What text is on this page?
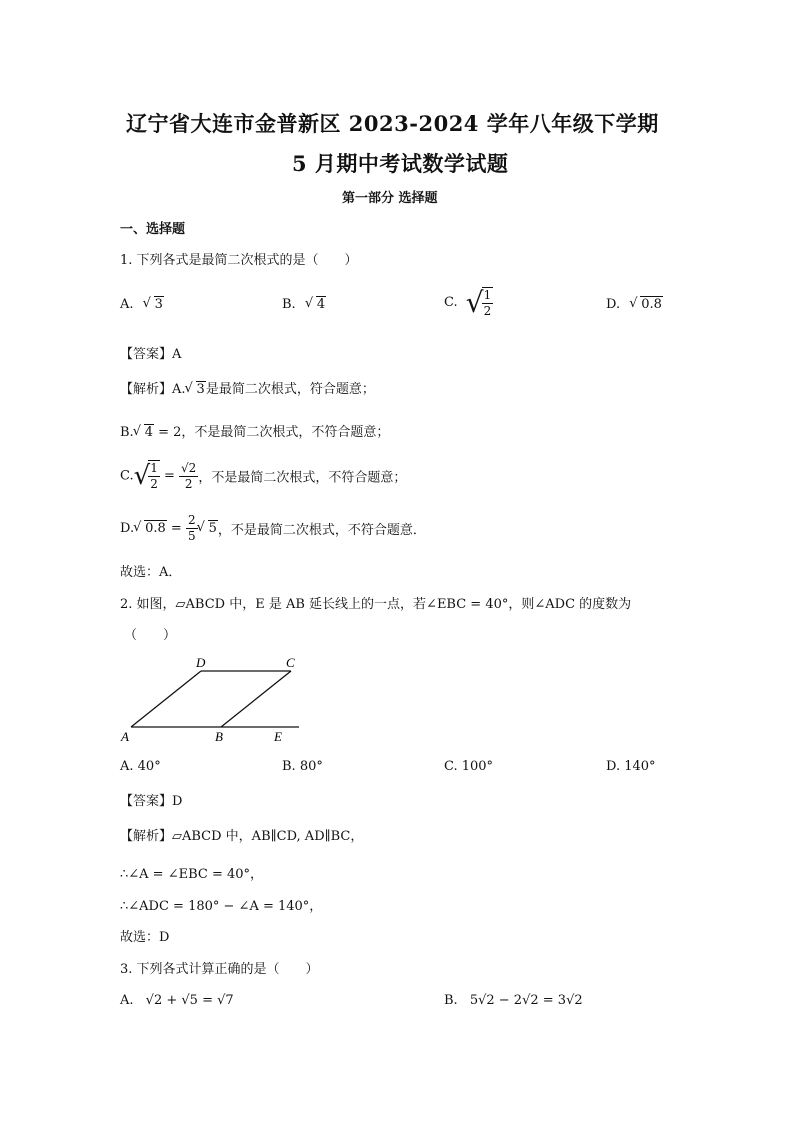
辽宁省大连市金普新区 2023-2024 学年八年级下学期
5 月期中考试数学试题
第一部分 选择题
一、选择题
1. 下列各式是最简二次根式的是（　　）
A. √ 3	B. √ 4	C. √
$\frac{1}{2}$	D. √ 0.8
【答案】A
【解析】A. √ 3是最简二次根式，符合题意；
B. √ 4 = 2，不是最简二次根式，不符合题意；
C.√
$\frac{1}{2} = \frac{√2}{2}$ ，不是最简二次根式，不符合题意；
D. √ $0.8 = \frac{2}{5}$ √ 5，不是最简二次根式，不符合题意．
故选：A．
2. 如图，▱ABCD 中，E 是 AB 延长线上的一点，若∠EBC = 40°，则∠ADC 的度数为
（　　）
D	C
A	B	E
A. 40°	B. 80°	C. 100°	D. 140°
【答案】D
【解析】▱ABCD 中，AB∥CD, AD∥BC，
∴∠A = ∠EBC = 40°，
∴∠ADC = 180° − ∠A = 140°，
故选：D
3. 下列各式计算正确的是（　　）
A. √2 + √5 = √7	B. 5√2 − 2√2 = 3√2
